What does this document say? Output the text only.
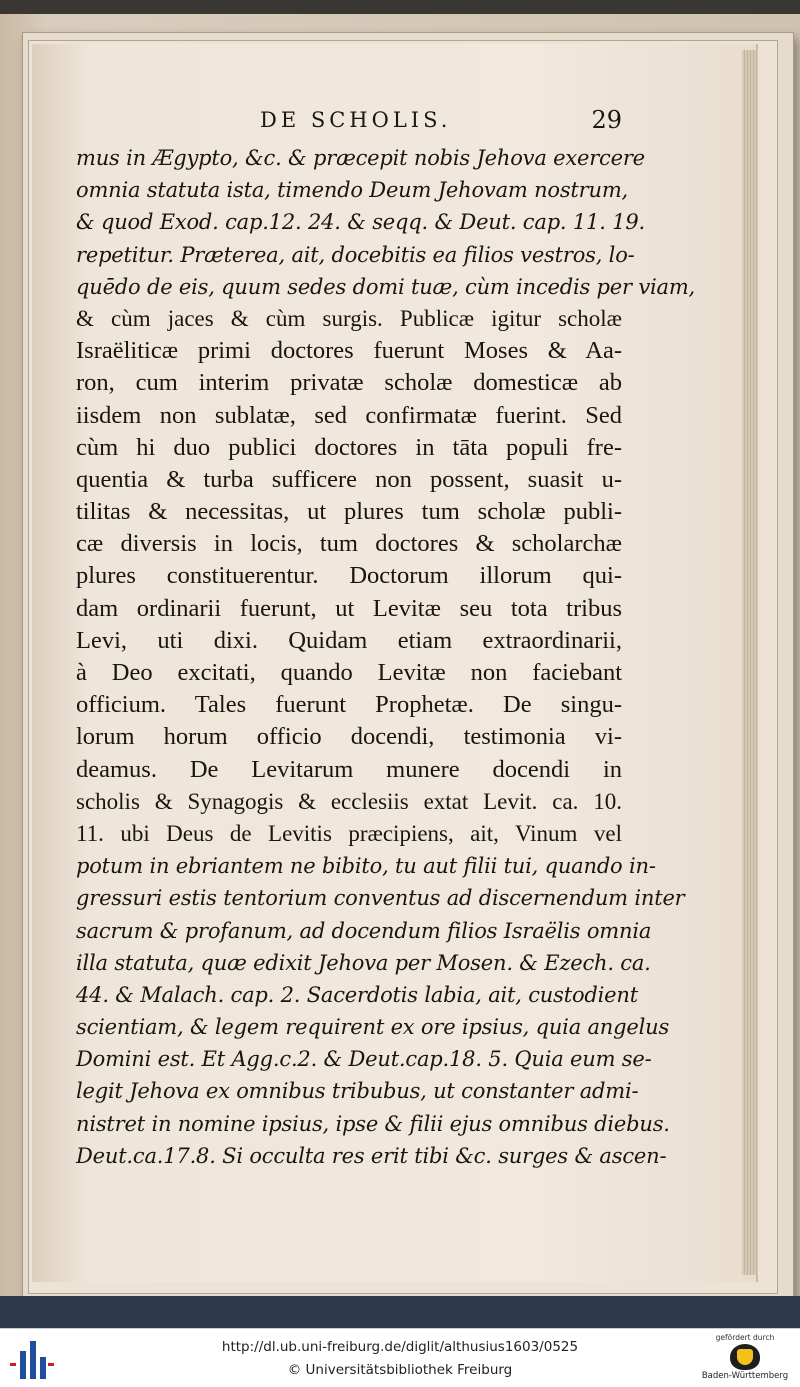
DE SCHOLIS.	29
mus in Ægypto, &c. & præcepit nobis Jehova exercere
omnia statuta ista, timendo Deum Jehovam nostrum,
& quod Exod. cap.12. 24. & seqq. & Deut. cap. 11. 19.
repetitur. Præterea, ait, docebitis ea filios vestros, lo-
quēdo de eis, quum sedes domi tuæ, cùm incedis per viam,
& cùm jaces & cùm surgis. Publicæ igitur scholæ
Israëliticæ primi doctores fuerunt Moses & Aa-
ron, cum interim privatæ scholæ domesticæ ab
iisdem non sublatæ, sed confirmatæ fuerint. Sed
cùm hi duo publici doctores in tāta populi fre-
quentia & turba sufficere non possent, suasit u-
tilitas & necessitas, ut plures tum scholæ publi-
cæ diversis in locis, tum doctores & scholarchæ
plures constituerentur. Doctorum illorum qui-
dam ordinarii fuerunt, ut Levitæ seu tota tribus
Levi, uti dixi. Quidam etiam extraordinarii,
à Deo excitati, quando Levitæ non faciebant
officium. Tales fuerunt Prophetæ. De singu-
lorum horum officio docendi, testimonia vi-
deamus. De Levitarum munere docendi in
scholis & Synagogis & ecclesiis extat Levit. ca. 10.
11. ubi Deus de Levitis præcipiens, ait, Vinum vel
potum in ebriantem ne bibito, tu aut filii tui, quando in-
gressuri estis tentorium conventus ad discernendum inter
sacrum & profanum, ad docendum filios Israëlis omnia
illa statuta, quæ edixit Jehova per Mosen. & Ezech. ca.
44. & Malach. cap. 2. Sacerdotis labia, ait, custodient
scientiam, & legem requirent ex ore ipsius, quia angelus
Domini est. Et Agg.c.2. & Deut.cap.18. 5. Quia eum se-
legit Jehova ex omnibus tribubus, ut constanter admi-
nistret in nomine ipsius, ipse & filii ejus omnibus diebus.
Deut.ca.17.8. Si occulta res erit tibi &c. surges & ascen-
http://dl.ub.uni-freiburg.de/diglit/althusius1603/0525
© Universitätsbibliothek Freiburg
gefördert durch
Baden-Württemberg
